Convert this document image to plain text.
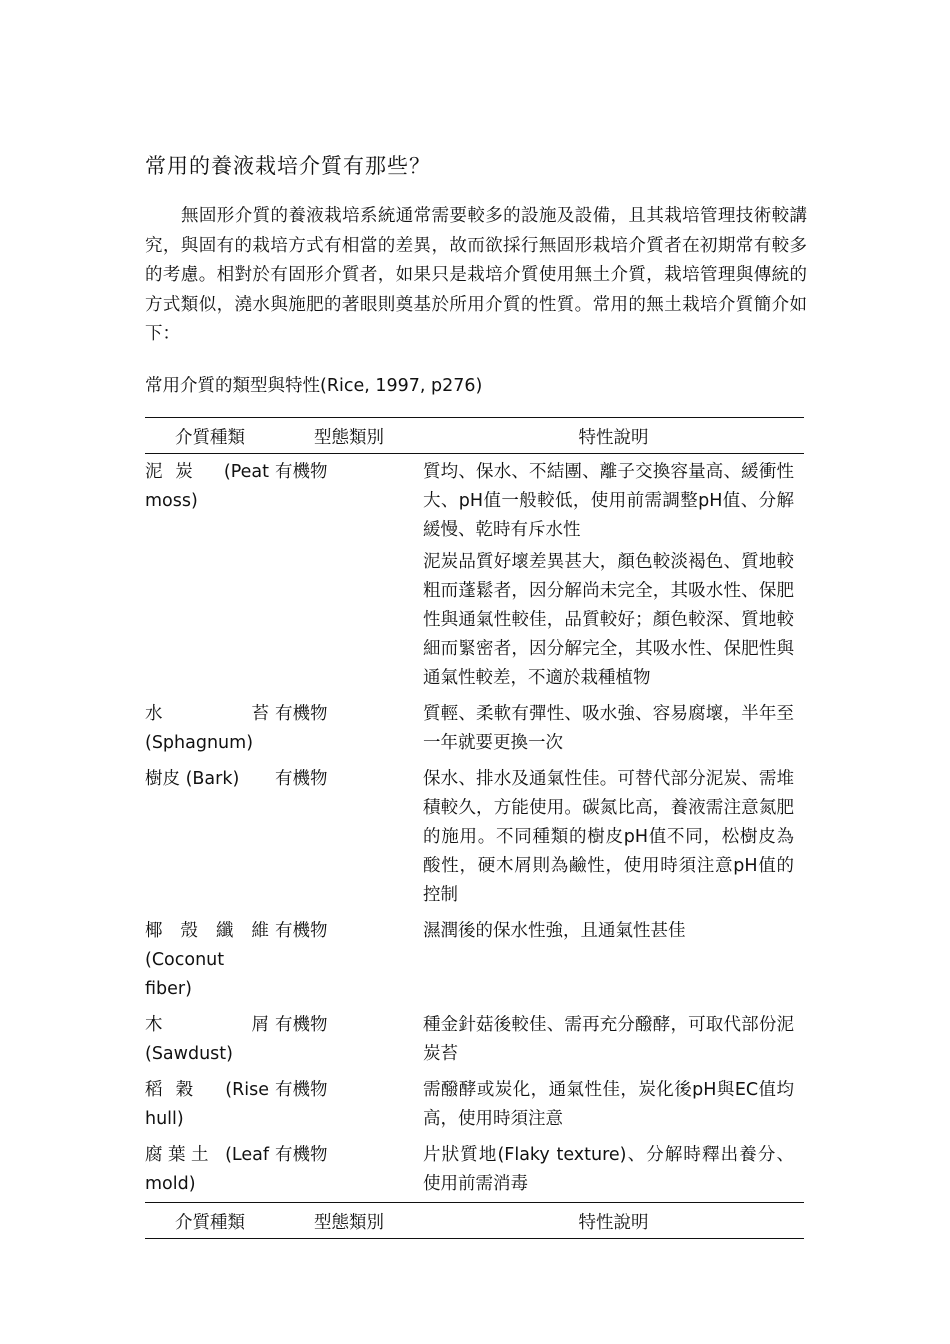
常用的養液栽培介質有那些？

無固形介質的養液栽培系統通常需要較多的設施及設備，且其栽培管理技術較講究，與固有的栽培方式有相當的差異，故而欲採行無固形栽培介質者在初期常有較多的考慮。相對於有固形介質者，如果只是栽培介質使用無土介質，栽培管理與傳統的方式類似，澆水與施肥的著眼則奠基於所用介質的性質。常用的無土栽培介質簡介如下：

常用介質的類型與特性(Rice, 1997, p276)

介質種類	型態類別	特性說明
泥炭 (Peat moss)	有機物	質均、保水、不結團、離子交換容量高、緩衝性大、pH值一般較低，使用前需調整pH值、分解緩慢、乾時有斥水性

泥炭品質好壞差異甚大，顏色較淡褐色、質地較粗而蓬鬆者，因分解尚未完全，其吸水性、保肥性與通氣性較佳，品質較好；顏色較深、質地較細而緊密者，因分解完全，其吸水性、保肥性與通氣性較差，不適於栽種植物

水苔 (Sphagnum)	有機物	質輕、柔軟有彈性、吸水強、容易腐壞，半年至一年就要更換一次

樹皮 (Bark)	有機物	保水、排水及通氣性佳。可替代部分泥炭、需堆積較久，方能使用。碳氮比高，養液需注意氮肥的施用。不同種類的樹皮pH值不同，松樹皮為酸性，硬木屑則為鹼性，使用時須注意pH值的控制

椰殼纖維 (Coconut fiber)	有機物	濕潤後的保水性強，且通氣性甚佳

木屑 (Sawdust)	有機物	種金針菇後較佳、需再充分醱酵，可取代部份泥炭苔

稻穀 (Rise hull)	有機物	需醱酵或炭化，通氣性佳，炭化後pH與EC值均高，使用時須注意

腐葉土 (Leaf mold)	有機物	片狀質地(Flaky texture)、分解時釋出養分、使用前需消毒

介質種類	型態類別	特性說明
